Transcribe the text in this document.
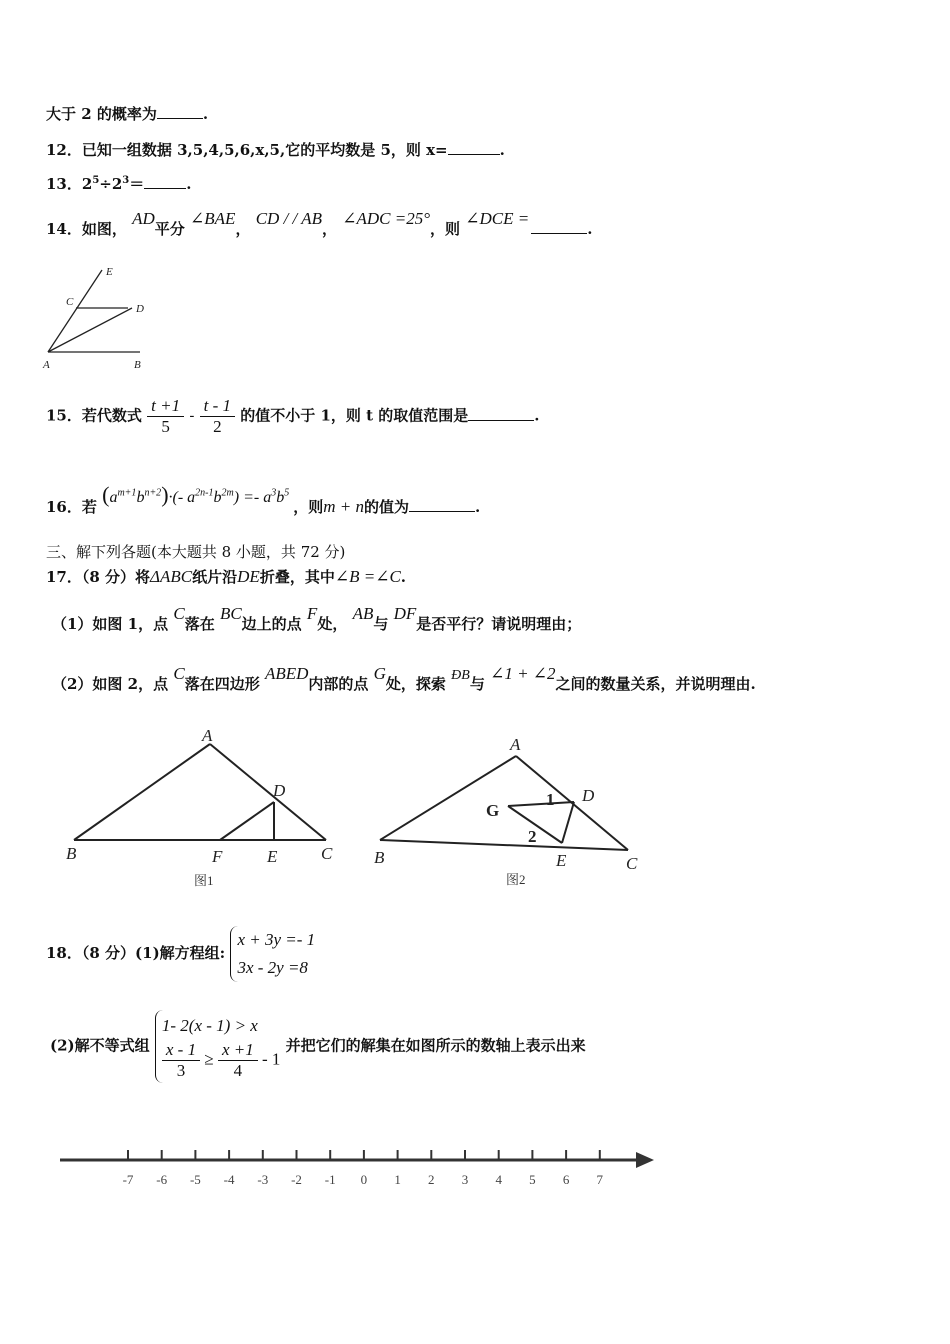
大于 2 的概率为	.
12．已知一组数据 3,5,4,5,6,x,5,它的平均数是 5，则 x=	.
13．$2^5\div 2^3=$	.
14．如图， AD平分 ∠BAE， CD / / AB， ∠ADC =25°，则 ∠DCE =.
E
C
D
A	B
15．若代数式 $\frac{t +1}{5} - \frac{t - 1}{2}$ 的值不小于 1，则 t 的取值范围是	.
16．若 $(a^{m+1}b^{n+2})\cdot(-$ $a^{2n-1}b^{2m}) =- a^3b^5$ ，则m + n的值为	.
三、解下列各题(本大题共 8 小题，共 72 分)
17．（8 分）将ΔABC纸片沿DE折叠，其中∠B =∠C.
（1）如图 1，点 C落在 BC边上的点 F处， AB与 DF是否平行？请说明理由；
（2）如图 2，点 C落在四边形 ABED内部的点 G处，探索 ÐB与 ∠1 + ∠2之间的数量关系，并说明理由.
A
D
B	F	E	C
图1
A
G
1 D
2
B	E	C
图2
18．（8 分）(1)解方程组:
x + 3y =- 1
3x - 2y =8
(2)解不等式组
1- 2(x - 1) > x
$\frac{x - 1}{3} \ge \frac{x +1}{4} - 1$
并把它们的解集在如图所示的数轴上表示出来
-7 -6 -5 -4 -3 -2 -1 0 1 2 3 4 5 6 7
